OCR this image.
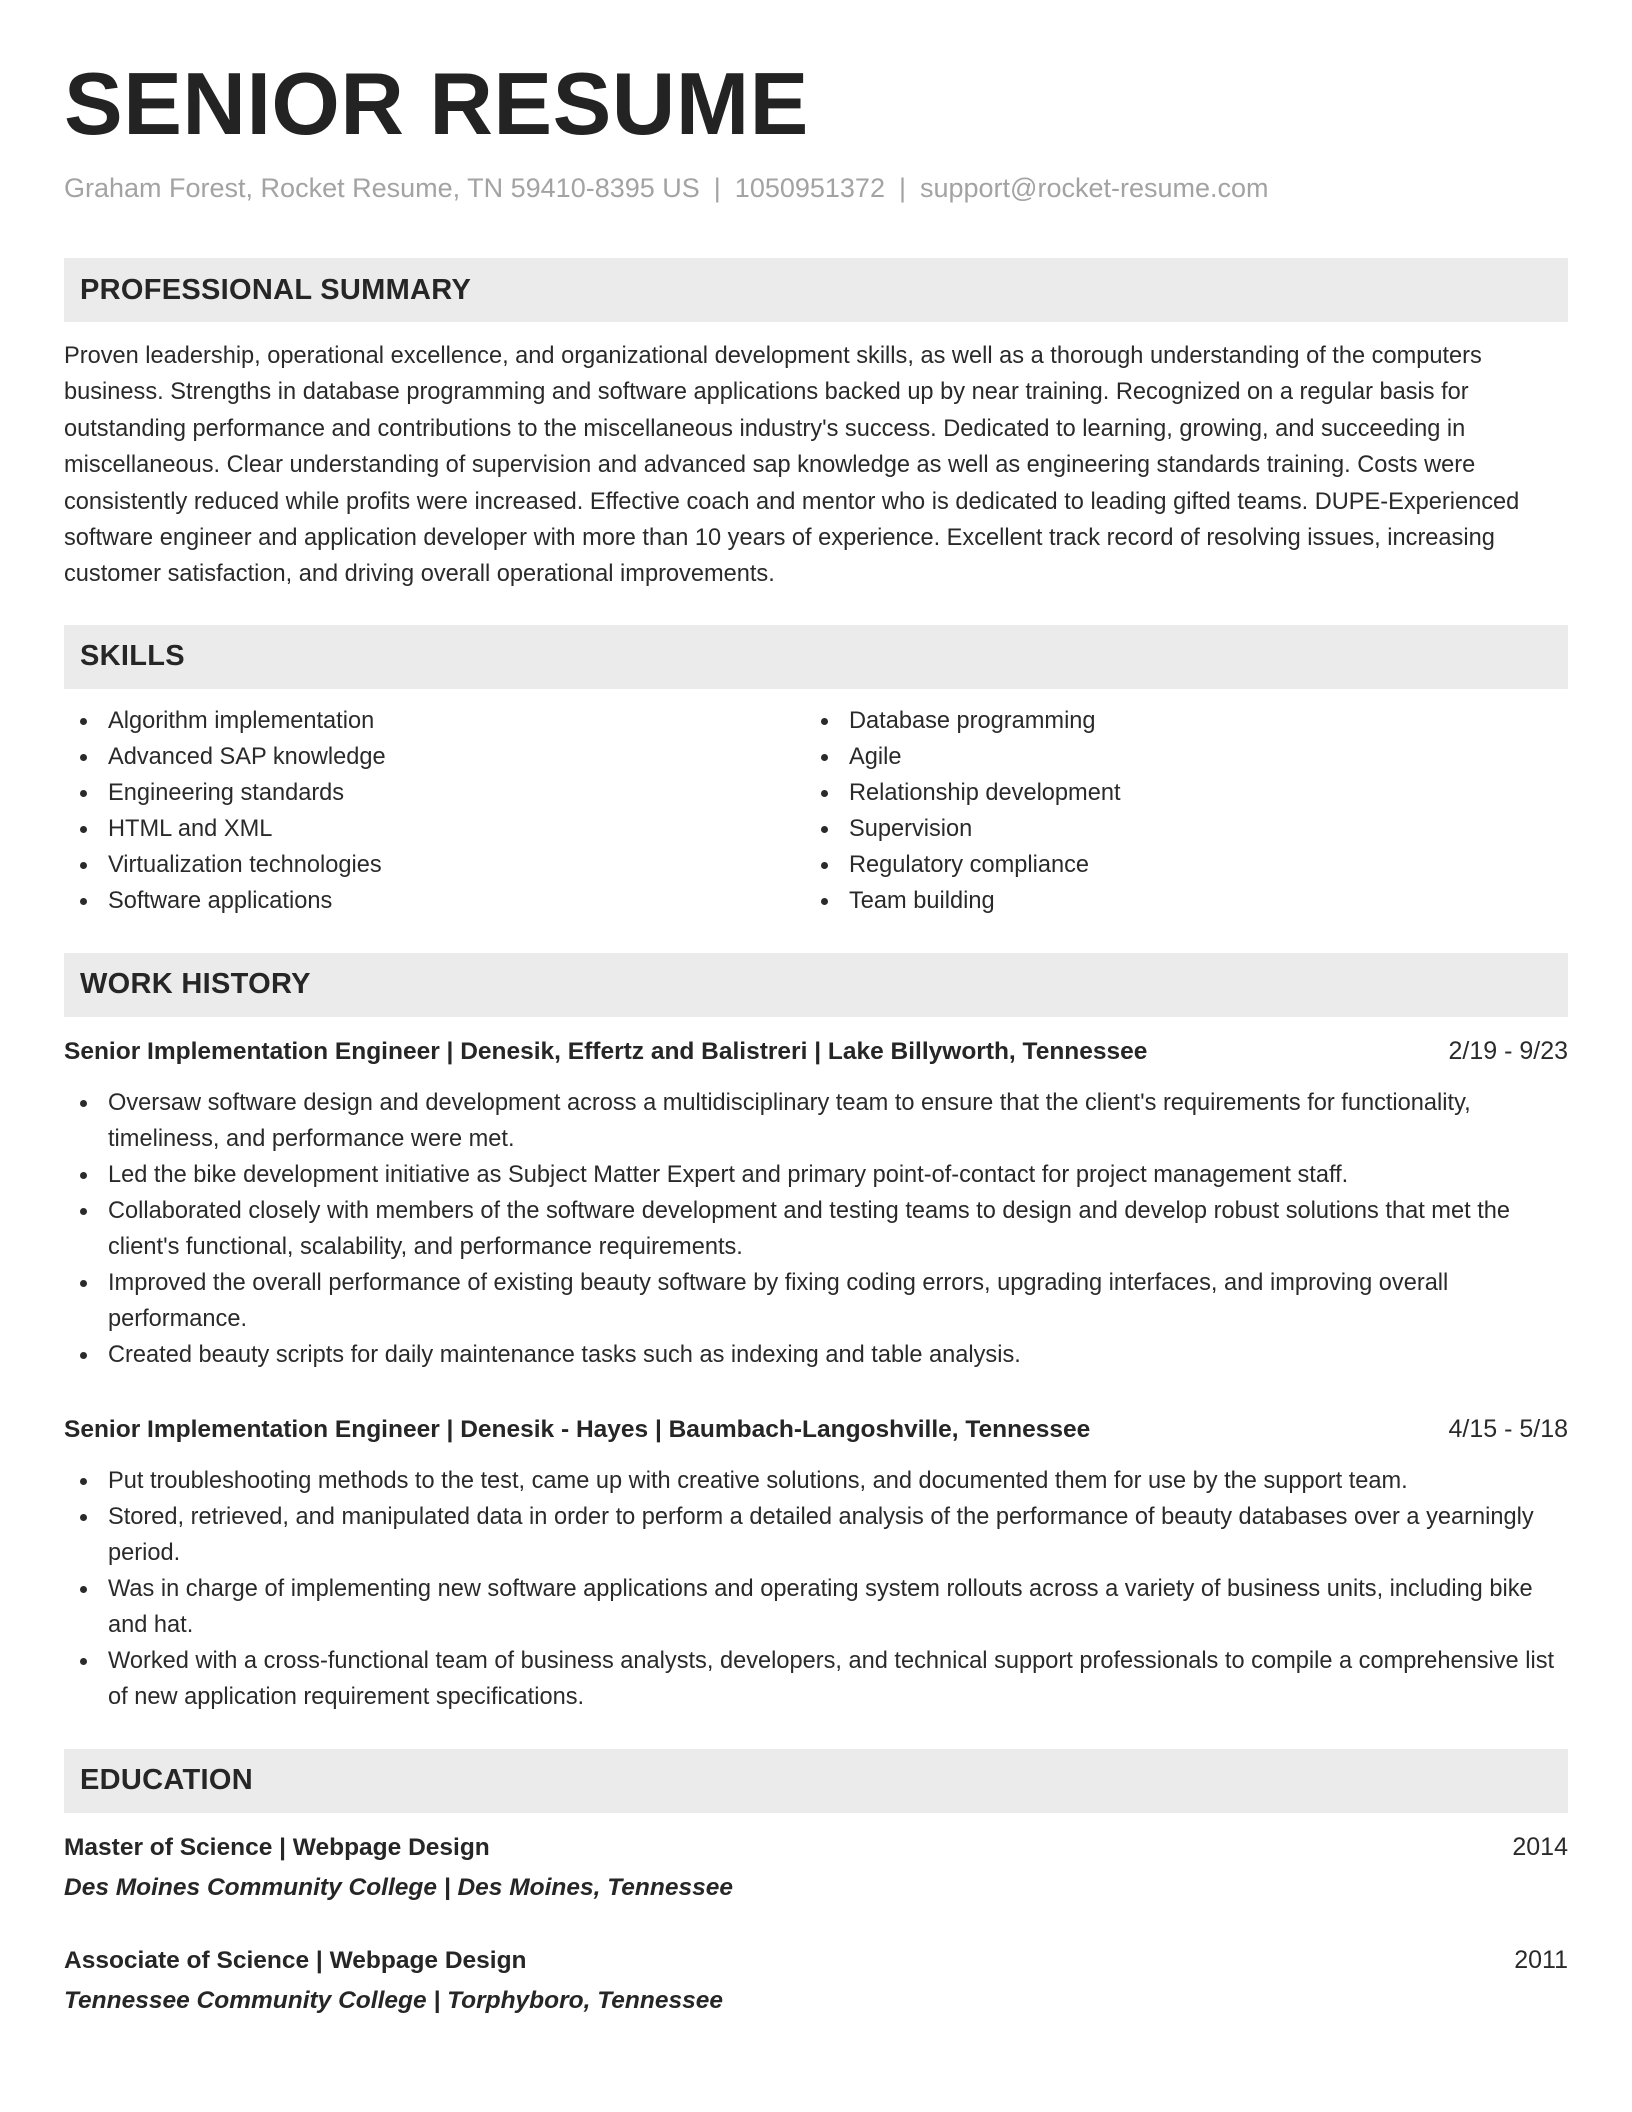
SENIOR RESUME
Graham Forest, Rocket Resume, TN 59410-8395 US | 1050951372 | support@rocket-resume.com
PROFESSIONAL SUMMARY

Proven leadership, operational excellence, and organizational development skills, as well as a thorough understanding of the computers business. Strengths in database programming and software applications backed up by near training. Recognized on a regular basis for outstanding performance and contributions to the miscellaneous industry's success. Dedicated to learning, growing, and succeeding in miscellaneous. Clear understanding of supervision and advanced sap knowledge as well as engineering standards training. Costs were consistently reduced while profits were increased. Effective coach and mentor who is dedicated to leading gifted teams. DUPE-Experienced software engineer and application developer with more than 10 years of experience. Excellent track record of resolving issues, increasing customer satisfaction, and driving overall operational improvements.

SKILLS
Algorithm implementation
Advanced SAP knowledge
Engineering standards
HTML and XML
Virtualization technologies
Software applications
Database programming
Agile
Relationship development
Supervision
Regulatory compliance
Team building
WORK HISTORY
Senior Implementation Engineer | Denesik, Effertz and Balistreri | Lake Billyworth, Tennessee	2/19 - 9/23
Oversaw software design and development across a multidisciplinary team to ensure that the client's requirements for functionality, timeliness, and performance were met.
Led the bike development initiative as Subject Matter Expert and primary point-of-contact for project management staff.
Collaborated closely with members of the software development and testing teams to design and develop robust solutions that met the client's functional, scalability, and performance requirements.
Improved the overall performance of existing beauty software by fixing coding errors, upgrading interfaces, and improving overall performance.
Created beauty scripts for daily maintenance tasks such as indexing and table analysis.
Senior Implementation Engineer | Denesik - Hayes | Baumbach-Langoshville, Tennessee	4/15 - 5/18
Put troubleshooting methods to the test, came up with creative solutions, and documented them for use by the support team.
Stored, retrieved, and manipulated data in order to perform a detailed analysis of the performance of beauty databases over a yearningly period.
Was in charge of implementing new software applications and operating system rollouts across a variety of business units, including bike and hat.
Worked with a cross-functional team of business analysts, developers, and technical support professionals to compile a comprehensive list of new application requirement specifications.
EDUCATION
Master of Science | Webpage Design	2014
Des Moines Community College | Des Moines, Tennessee
Associate of Science | Webpage Design	2011
Tennessee Community College | Torphyboro, Tennessee
